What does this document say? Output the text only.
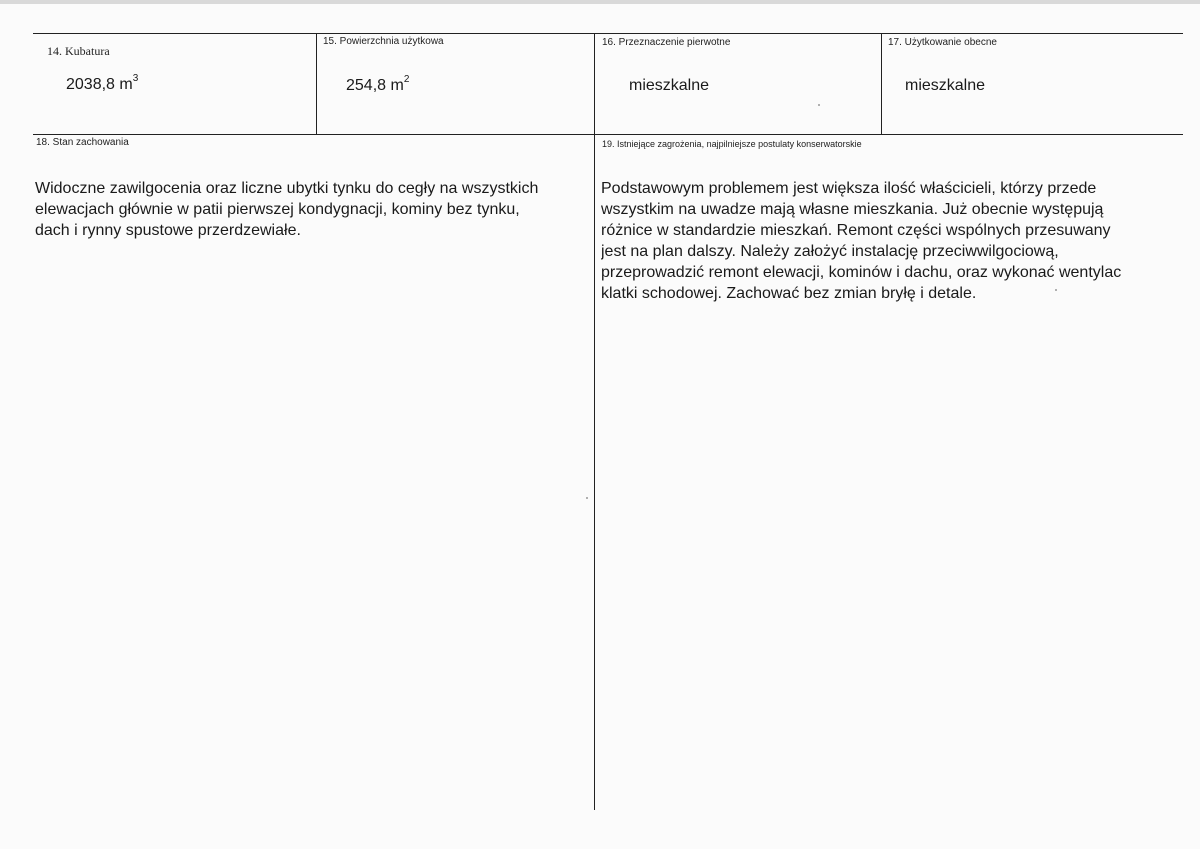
14. Kubatura
2038,8 $m^3$
15. Powierzchnia użytkowa
254,8 $m^2$
16. Przeznaczenie pierwotne
mieszkalne
17. Użytkowanie obecne
mieszkalne
18. Stan zachowania
Widoczne zawilgocenia oraz liczne ubytki tynku do cegły na wszystkich
elewacjach głównie w patii pierwszej kondygnacji, kominy bez tynku,
dach i rynny spustowe przerdzewiałe.
19. Istniejące zagrożenia, najpilniejsze postulaty konserwatorskie
Podstawowym problemem jest większa ilość właścicieli, którzy przede
wszystkim na uwadze mają własne mieszkania. Już obecnie występują
różnice w standardzie mieszkań. Remont części wspólnych przesuwany
jest na plan dalszy. Należy założyć instalację przeciwwilgociową,
przeprowadzić remont elewacji, kominów i dachu, oraz wykonać wentylac
klatki schodowej. Zachować bez zmian bryłę i detale.
